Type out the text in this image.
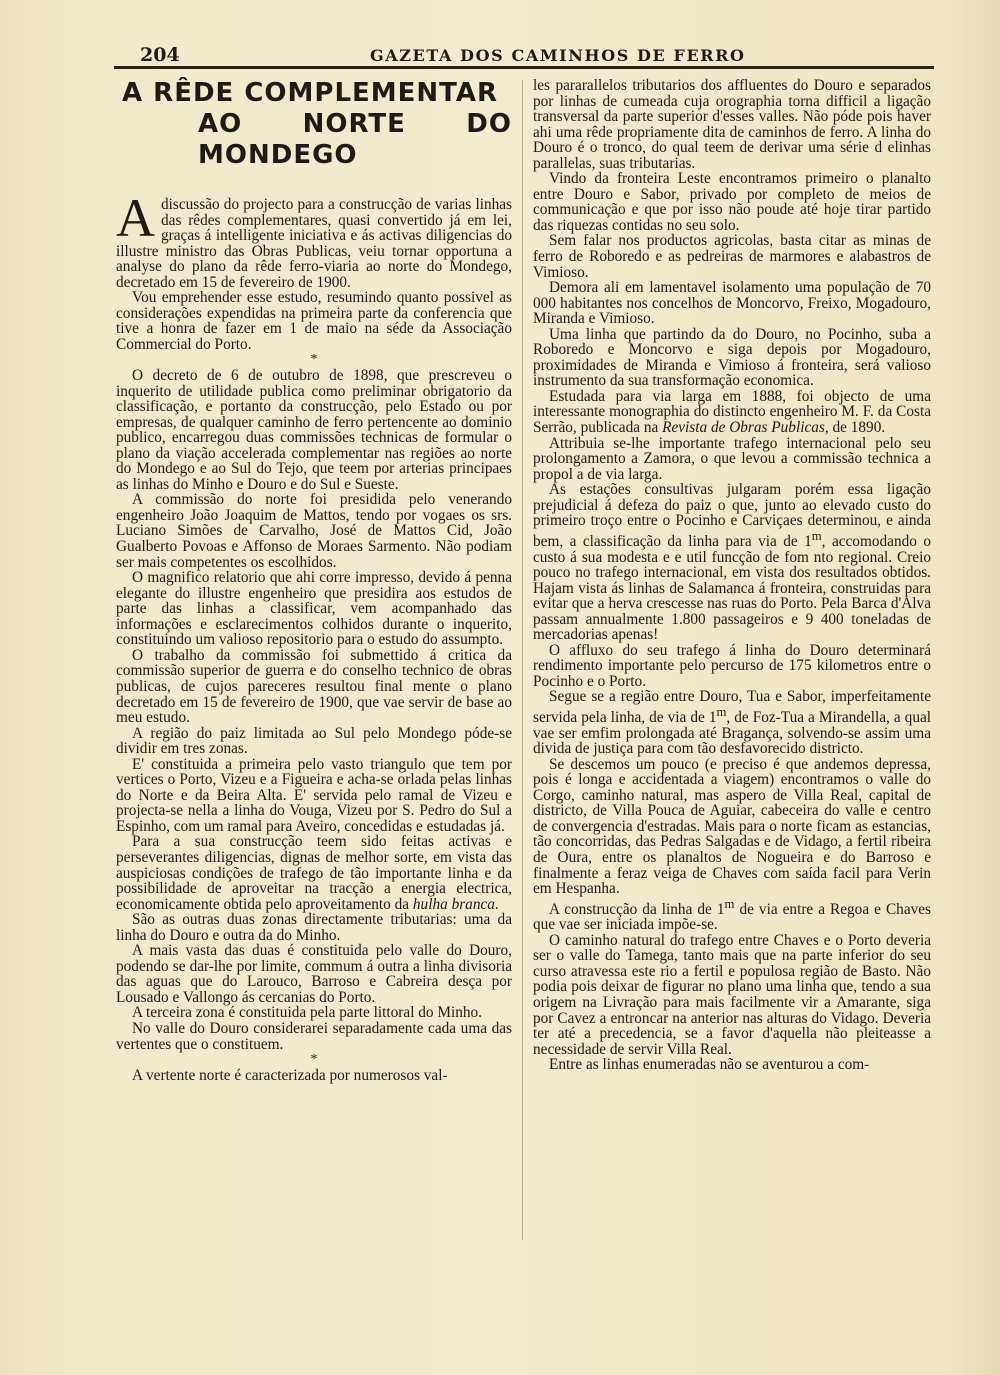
204	GAZETA DOS CAMINHOS DE FERRO
A RÊDE COMPLEMENTAR
AO NORTE DO MONDEGO

Adiscussão do projecto para a construcção de varias linhas das rêdes complementares, quasi convertido já em lei, graças á intelligente iniciativa e ás activas diligencias do illustre ministro das Obras Publicas, veiu tornar opportuna a analyse do plano da rêde ferro-viaria ao norte do Mondego, decretado em 15 de fevereiro de 1900.

Vou emprehender esse estudo, resumindo quanto possivel as considerações expendidas na primeira parte da conferencia que tive a honra de fazer em 1 de maio na séde da Associação Commercial do Porto.

*

O decreto de 6 de outubro de 1898, que prescreveu o inquerito de utilidade publica como preliminar obrigatorio da classificação, e portanto da construcção, pelo Estado ou por empresas, de qualquer caminho de ferro pertencente ao dominio publico, encarregou duas commissões technicas de formular o plano da viação accelerada complementar nas regiões ao norte do Mondego e ao Sul do Tejo, que teem por arterias principaes as linhas do Minho e Douro e do Sul e Sueste.

A commissão do norte foi presidida pelo venerando engenheiro João Joaquim de Mattos, tendo por vogaes os srs. Luciano Simões de Carvalho, José de Mattos Cid, João Gualberto Povoas e Affonso de Moraes Sarmento. Não podiam ser mais competentes os escolhidos.

O magnifico relatorio que ahi corre impresso, devido á penna elegante do illustre engenheiro que presidira aos estudos de parte das linhas a classificar, vem acompanhado das informações e esclarecimentos colhidos durante o inquerito, constituindo um valioso repositorio para o estudo do assumpto.

O trabalho da commissão foi submettido á critica da commissão superior de guerra e do conselho technico de obras publicas, de cujos pareceres resultou final mente o plano decretado em 15 de fevereiro de 1900, que vae servir de base ao meu estudo.

A região do paiz limitada ao Sul pelo Mondego póde-se dividir em tres zonas.

E' constituida a primeira pelo vasto triangulo que tem por vertices o Porto, Vizeu e a Figueira e acha-se orlada pelas linhas do Norte e da Beira Alta. E' servida pelo ramal de Vizeu e projecta-se nella a linha do Vouga, Vizeu por S. Pedro do Sul a Espinho, com um ramal para Aveiro, concedidas e estudadas já.

Para a sua construcção teem sido feitas activas e perseverantes diligencias, dignas de melhor sorte, em vista das auspiciosas condições de trafego de tão importante linha e da possibilidade de aproveitar na tracção a energia electrica, economicamente obtida pelo aproveitamento da hulha branca.

São as outras duas zonas directamente tributarias: uma da linha do Douro e outra da do Minho.

A mais vasta das duas é constituida pelo valle do Douro, podendo se dar-lhe por limite, commum á outra a linha divisoria das aguas que do Larouco, Barroso e Cabreira desça por Lousado e Vallongo ás cercanias do Porto.

A terceira zona é constituida pela parte littoral do Minho.

No valle do Douro considerarei separadamente cada uma das vertentes que o constituem.

*

A vertente norte é caracterizada por numerosos val-

les pararallelos tributarios dos affluentes do Douro e separados por linhas de cumeada cuja orographia torna difficil a ligação transversal da parte superior d'esses valles. Não póde pois haver ahi uma rêde propriamente dita de caminhos de ferro. A linha do Douro é o tronco, do qual teem de derivar uma série d elinhas parallelas, suas tributarias.

Vindo da fronteira Leste encontramos primeiro o planalto entre Douro e Sabor, privado por completo de meios de communicação e que por isso não poude até hoje tirar partido das riquezas contidas no seu solo.

Sem falar nos productos agricolas, basta citar as minas de ferro de Roboredo e as pedreiras de marmores e alabastros de Vimioso.

Demora ali em lamentavel isolamento uma população de 70 000 habitantes nos concelhos de Moncorvo, Freixo, Mogadouro, Miranda e Vimioso.

Uma linha que partindo da do Douro, no Pocinho, suba a Roboredo e Moncorvo e siga depois por Mogadouro, proximidades de Miranda e Vimioso á fronteira, será valioso instrumento da sua transformação economica.

Estudada para via larga em 1888, foi objecto de uma interessante monographia do distincto engenheiro M. F. da Costa Serrão, publicada na Revista de Obras Publicas, de 1890.

Attribuia se-lhe importante trafego internacional pelo seu prolongamento a Zamora, o que levou a commissão technica a propol a de via larga.

As estações consultivas julgaram porém essa ligação prejudicial á defeza do paiz o que, junto ao elevado custo do primeiro troço entre o Pocinho e Carviçaes determinou, e ainda bem, a classificação da linha para via de 1$^m$, accomodando o custo á sua modesta e e util funcção de fom nto regional. Creio pouco no trafego internacional, em vista dos resultados obtidos. Hajam vista ás linhas de Salamanca á fronteira, construidas para evitar que a herva crescesse nas ruas do Porto. Pela Barca d'Alva passam annualmente 1.800 passageiros e 9 400 toneladas de mercadorias apenas!

O affluxo do seu trafego á linha do Douro determinará rendimento importante pelo percurso de 175 kilometros entre o Pocinho e o Porto.

Segue se a região entre Douro, Tua e Sabor, imperfeitamente servida pela linha, de via de 1$^m$, de Foz-Tua a Mirandella, a qual vae ser emfim prolongada até Bragança, solvendo-se assim uma divida de justiça para com tão desfavorecido districto.

Se descemos um pouco (e preciso é que andemos depressa, pois é longa e accidentada a viagem) encontramos o valle do Corgo, caminho natural, mas aspero de Villa Real, capital de districto, de Villa Pouca de Aguiar, cabeceira do valle e centro de convergencia d'estradas. Mais para o norte ficam as estancias, tão concorridas, das Pedras Salgadas e de Vidago, a fertil ribeira de Oura, entre os planaltos de Nogueira e do Barroso e finalmente a feraz veiga de Chaves com saída facil para Verin em Hespanha.

A construcção da linha de 1$^m$ de via entre a Regoa e Chaves que vae ser iniciada impõe-se.

O caminho natural do trafego entre Chaves e o Porto deveria ser o valle do Tamega, tanto mais que na parte inferior do seu curso atravessa este rio a fertil e populosa região de Basto. Não podia pois deixar de figurar no plano uma linha que, tendo a sua origem na Livração para mais facilmente vir a Amarante, siga por Cavez a entroncar na anterior nas alturas do Vidago. Deveria ter até a precedencia, se a favor d'aquella não pleiteasse a necessidade de servir Villa Real.

Entre as linhas enumeradas não se aventurou a com-
